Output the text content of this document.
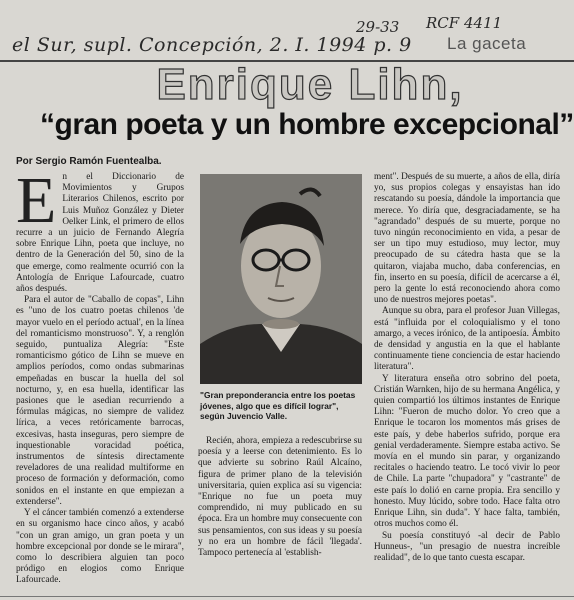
el Sur, supl. Concepción, 2. I. 1994 p. 9
29-33 RCF 4411
La gaceta
Enrique Lihn,
“gran poeta y un hombre excepcional”
Por Sergio Ramón Fuentealba.
E n el Diccionario de Movimientos y Grupos Literarios Chilenos, escrito por Luis Muñoz González y Dieter Oelker Link, el primero de ellos recurre a un juicio de Fernando Alegría sobre Enrique Lihn, poeta que incluye, no dentro de la Generación del 50, sino de la que emerge, como realmente ocurrió con la Antología de Enrique Lafourcade, cuatro años después.

Para el autor de "Caballo de copas", Lihn es "uno de los cuatro poetas chilenos 'de mayor vuelo en el período actual', en la línea del romanticismo monstruoso". Y, a renglón seguido, puntualiza Alegría: "Este romanticismo gótico de Lihn se mueve en amplios períodos, como ondas submarinas empeñadas en buscar la huella del sol nocturno, y, en esa huella, identificar las pasiones que le asedian recurriendo a fórmulas mágicas, no siempre de validez lírica, a veces retóricamente barrocas, excesivas, hasta inseguras, pero siempre de inquestionable voracidad poética, instrumentos de síntesis directamente reveladores de una realidad multiforme en proceso de formación y deformación, como sonidos en el instante en que empiezan a extenderse".

Y el cáncer también comenzó a extenderse en su organismo hace cinco años, y acabó "con un gran amigo, un gran poeta y un hombre excepcional por donde se le mirara", como lo describiera alguien tan poco pródigo en elogios como Enrique Lafourcade.

"Gran preponderancia entre los poetas jóvenes, algo que es difícil lograr", según Juvencio Valle.

Recién, ahora, empieza a redescubrirse su poesía y a leerse con detenimiento. Es lo que advierte su sobrino Raúl Alcaíno, figura de primer plano de la televisión universitaria, quien explica así su vigencia: "Enrique no fue un poeta muy comprendido, ni muy publicado en su época. Era un hombre muy consecuente con sus pensamientos, con sus ideas y su poesía y no era un hombre de fácil 'llegada'. Tampoco pertenecía al 'establish-

ment". Después de su muerte, a años de ella, diría yo, sus propios colegas y ensayistas han ido rescatando su poesía, dándole la importancia que merece. Yo diría que, desgraciadamente, se ha "agrandado" después de su muerte, porque no tuvo ningún reconocimiento en vida, a pesar de ser un tipo muy estudioso, muy lector, muy preocupado de su cátedra hasta que se la quitaron, viajaba mucho, daba conferencias, en fin, inserto en su poesía, difícil de acercarse a él, pero la gente lo está reconociendo ahora como uno de nuestros mejores poetas".

Aunque su obra, para el profesor Juan Villegas, está "influida por el coloquialismo y el tono amargo, a veces irónico, de la antipoesía. Ámbito de densidad y angustia en la que el hablante continuamente tiene conciencia de estar haciendo literatura".

Y literatura enseña otro sobrino del poeta, Cristián Warnken, hijo de su hermana Angélica, y quien compartió los últimos instantes de Enrique Lihn: "Fueron de mucho dolor. Yo creo que a Enrique le tocaron los momentos más grises de este país, y debe haberlos sufrido, porque era genial verdaderamente. Siempre estaba activo. Se movía en el mundo sin parar, y organizando recitales o haciendo teatro. Le tocó vivir lo peor de Chile. La parte "chupadora" y "castrante" de este país lo dolió en carne propia. Era sencillo y honesto. Muy lúcido, sobre todo. Hace falta otro Enrique Lihn, sin duda". Y hace falta, también, otros muchos como él.

Su poesía constituyó -al decir de Pablo Hunneus-, "un presagio de nuestra increíble realidad", de lo que tanto cuesta escapar.
